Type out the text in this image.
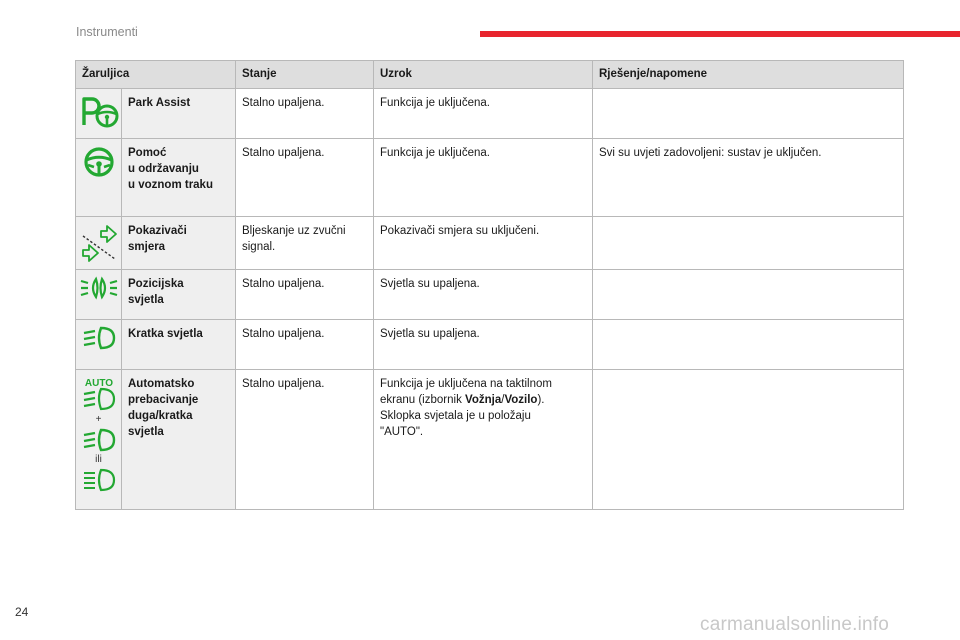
Instrumenti
Žaruljica		Stanje	Uzrok	Rješenje/napomene

	Park Assist	Stalno upaljena.	Funkcija je uključena.	

	Pomoć
u održavanju
u voznom traku	Stalno upaljena.	Funkcija je uključena.	Svi su uvjeti zadovoljeni: sustav je uključen.

	Pokazivači
smjera	Bljeskanje uz zvučni signal.	Pokazivači smjera su uključeni.	

	Pozicijska
svjetla	Stalno upaljena.	Svjetla su upaljena.	

	Kratka svjetla	Stalno upaljena.	Svjetla su upaljena.	

AUTO
+
ili	Automatsko
prebacivanje
duga/kratka
svjetla	Stalno upaljena.	Funkcija je uključena na taktilnom
ekranu (izbornik Vožnja/Vozilo).
Sklopka svjetala je u položaju
"AUTO".	
24
carmanualsonline.info
